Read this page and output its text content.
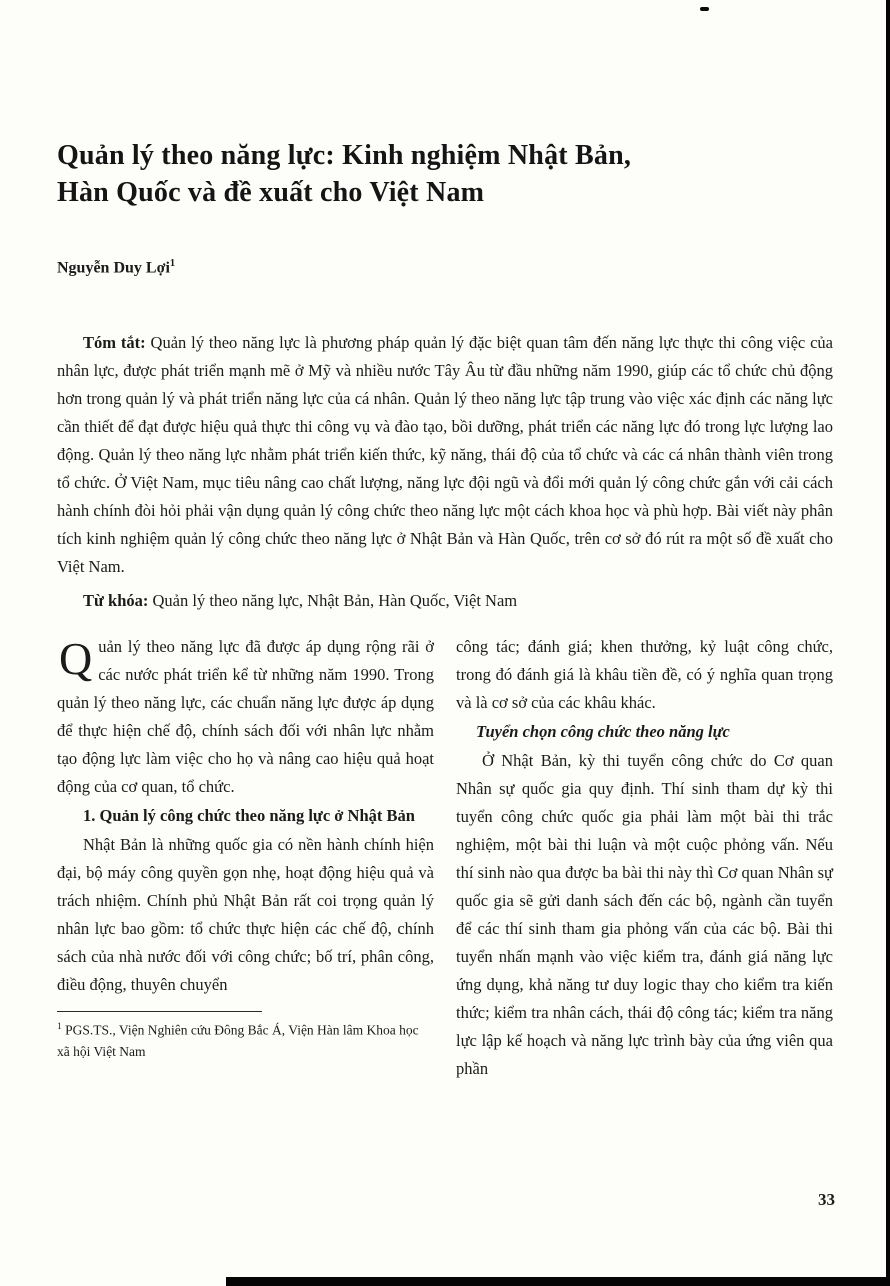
Quản lý theo năng lực: Kinh nghiệm Nhật Bản,
Hàn Quốc và đề xuất cho Việt Nam

Nguyễn Duy Lợi$^1$

Tóm tắt: Quản lý theo năng lực là phương pháp quản lý đặc biệt quan tâm đến năng lực thực thi công việc của nhân lực, được phát triển mạnh mẽ ở Mỹ và nhiều nước Tây Âu từ đầu những năm 1990, giúp các tổ chức chủ động hơn trong quản lý và phát triển năng lực của cá nhân. Quản lý theo năng lực tập trung vào việc xác định các năng lực cần thiết để đạt được hiệu quả thực thi công vụ và đào tạo, bồi dưỡng, phát triển các năng lực đó trong lực lượng lao động. Quản lý theo năng lực nhằm phát triển kiến thức, kỹ năng, thái độ của tổ chức và các cá nhân thành viên trong tổ chức. Ở Việt Nam, mục tiêu nâng cao chất lượng, năng lực đội ngũ và đổi mới quản lý công chức gắn với cải cách hành chính đòi hỏi phải vận dụng quản lý công chức theo năng lực một cách khoa học và phù hợp. Bài viết này phân tích kinh nghiệm quản lý công chức theo năng lực ở Nhật Bản và Hàn Quốc, trên cơ sở đó rút ra một số đề xuất cho Việt Nam.

Từ khóa: Quản lý theo năng lực, Nhật Bản, Hàn Quốc, Việt Nam

Quản lý theo năng lực đã được áp dụng rộng rãi ở các nước phát triển kể từ những năm 1990. Trong quản lý theo năng lực, các chuẩn năng lực được áp dụng để thực hiện chế độ, chính sách đối với nhân lực nhằm tạo động lực làm việc cho họ và nâng cao hiệu quả hoạt động của cơ quan, tổ chức.

1. Quản lý công chức theo năng lực ở Nhật Bản

Nhật Bản là những quốc gia có nền hành chính hiện đại, bộ máy công quyền gọn nhẹ, hoạt động hiệu quả và trách nhiệm. Chính phủ Nhật Bản rất coi trọng quản lý nhân lực bao gồm: tổ chức thực hiện các chế độ, chính sách của nhà nước đối với công chức; bố trí, phân công, điều động, thuyên chuyển

$^1$ PGS.TS., Viện Nghiên cứu Đông Bắc Á, Viện Hàn lâm Khoa học xã hội Việt Nam

công tác; đánh giá; khen thưởng, kỷ luật công chức, trong đó đánh giá là khâu tiền đề, có ý nghĩa quan trọng và là cơ sở của các khâu khác.

Tuyển chọn công chức theo năng lực

Ở Nhật Bản, kỳ thi tuyển công chức do Cơ quan Nhân sự quốc gia quy định. Thí sinh tham dự kỳ thi tuyển công chức quốc gia phải làm một bài thi trắc nghiệm, một bài thi luận và một cuộc phỏng vấn. Nếu thí sinh nào qua được ba bài thi này thì Cơ quan Nhân sự quốc gia sẽ gửi danh sách đến các bộ, ngành cần tuyển để các thí sinh tham gia phỏng vấn của các bộ. Bài thi tuyển nhấn mạnh vào việc kiểm tra, đánh giá năng lực ứng dụng, khả năng tư duy logic thay cho kiểm tra kiến thức; kiểm tra nhân cách, thái độ công tác; kiểm tra năng lực lập kế hoạch và năng lực trình bày của ứng viên qua phần

33
